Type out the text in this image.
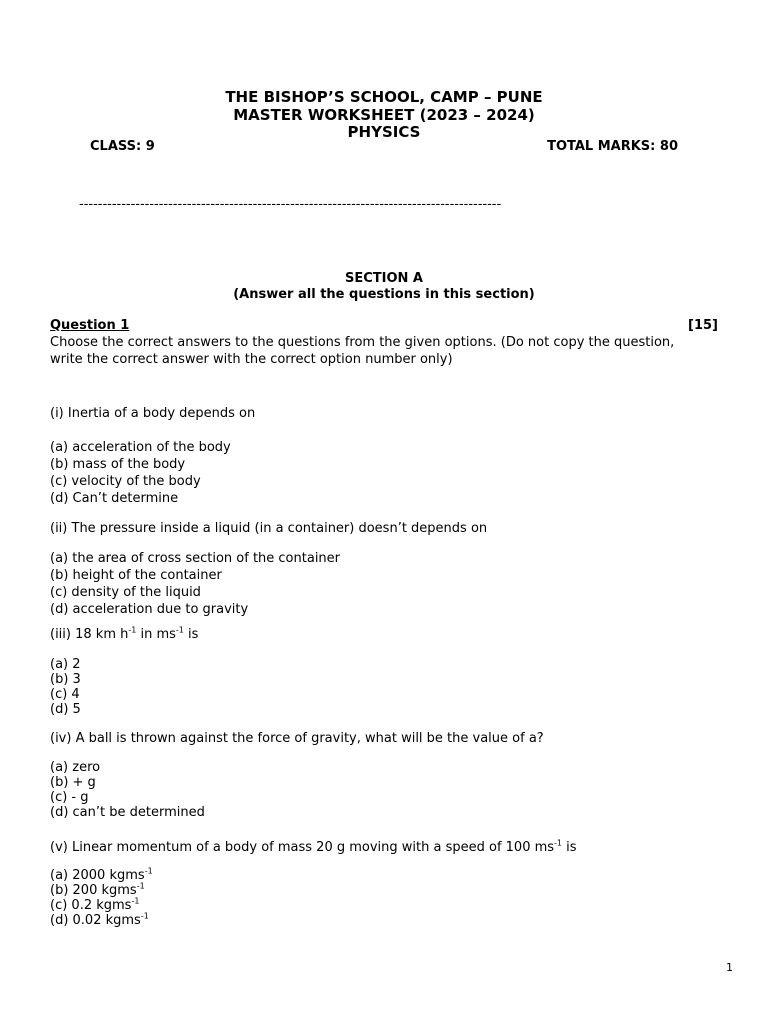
THE BISHOP’S SCHOOL, CAMP – PUNE
MASTER WORKSHEET (2023 – 2024)
PHYSICS
CLASS: 9	TOTAL MARKS: 80
------------------------------------------------------------------------------------------
SECTION A
(Answer all the questions in this section)
Question 1	[15]
Choose the correct answers to the questions from the given options. (Do not copy the question,
write the correct answer with the correct option number only)
(i) Inertia of a body depends on
(a) acceleration of the body
(b) mass of the body
(c) velocity of the body
(d) Can’t determine
(ii) The pressure inside a liquid (in a container) doesn’t depends on
(a) the area of cross section of the container
(b) height of the container
(c) density of the liquid
(d) acceleration due to gravity
(iii) 18 km $h^{-1}$ in $ms^{-1}$ is
(a) 2
(b) 3
(c) 4
(d) 5
(iv) A ball is thrown against the force of gravity, what will be the value of a?
(a) zero
(b) + g
(c) - g
(d) can’t be determined
(v) Linear momentum of a body of mass 20 g moving with a speed of 100 $ms^{-1}$ is
(a) 2000 kgms$^{-1}$
(b) 200 kgms$^{-1}$
(c) 0.2 kgms$^{-1}$
(d) 0.02 kgms$^{-1}$
1
